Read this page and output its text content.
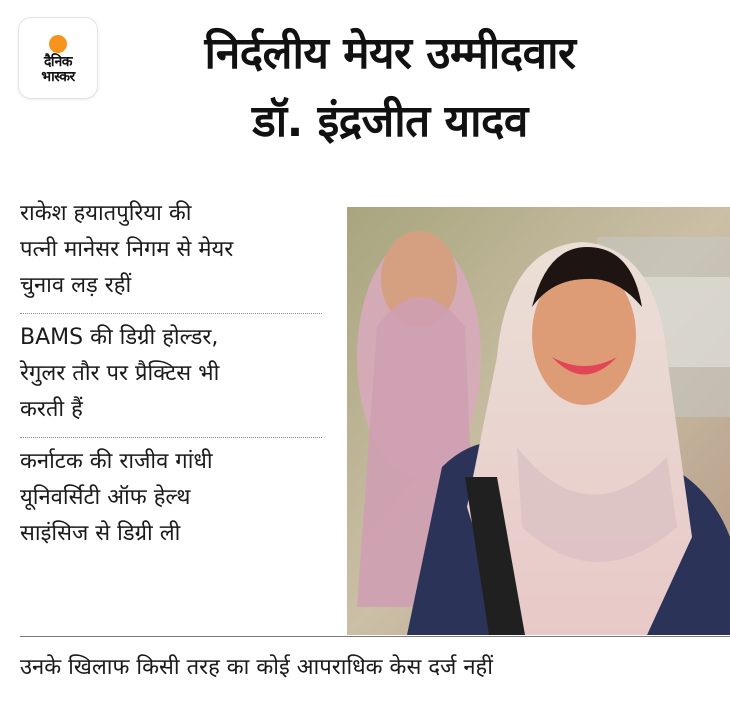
दैनिक
भास्कर	निर्दलीय मेयर उम्मीदवार
डॉ. इंद्रजीत यादव
राकेश हयातपुरिया की
पत्नी मानेसर निगम से मेयर
चुनाव लड़ रहीं
BAMS की डिग्री होल्डर,
रेगुलर तौर पर प्रैक्टिस भी
करती हैं
कर्नाटक की राजीव गांधी
यूनिवर्सिटी ऑफ हेल्थ
साइंसिज से डिग्री ली
उनके खिलाफ किसी तरह का कोई आपराधिक केस दर्ज नहीं
